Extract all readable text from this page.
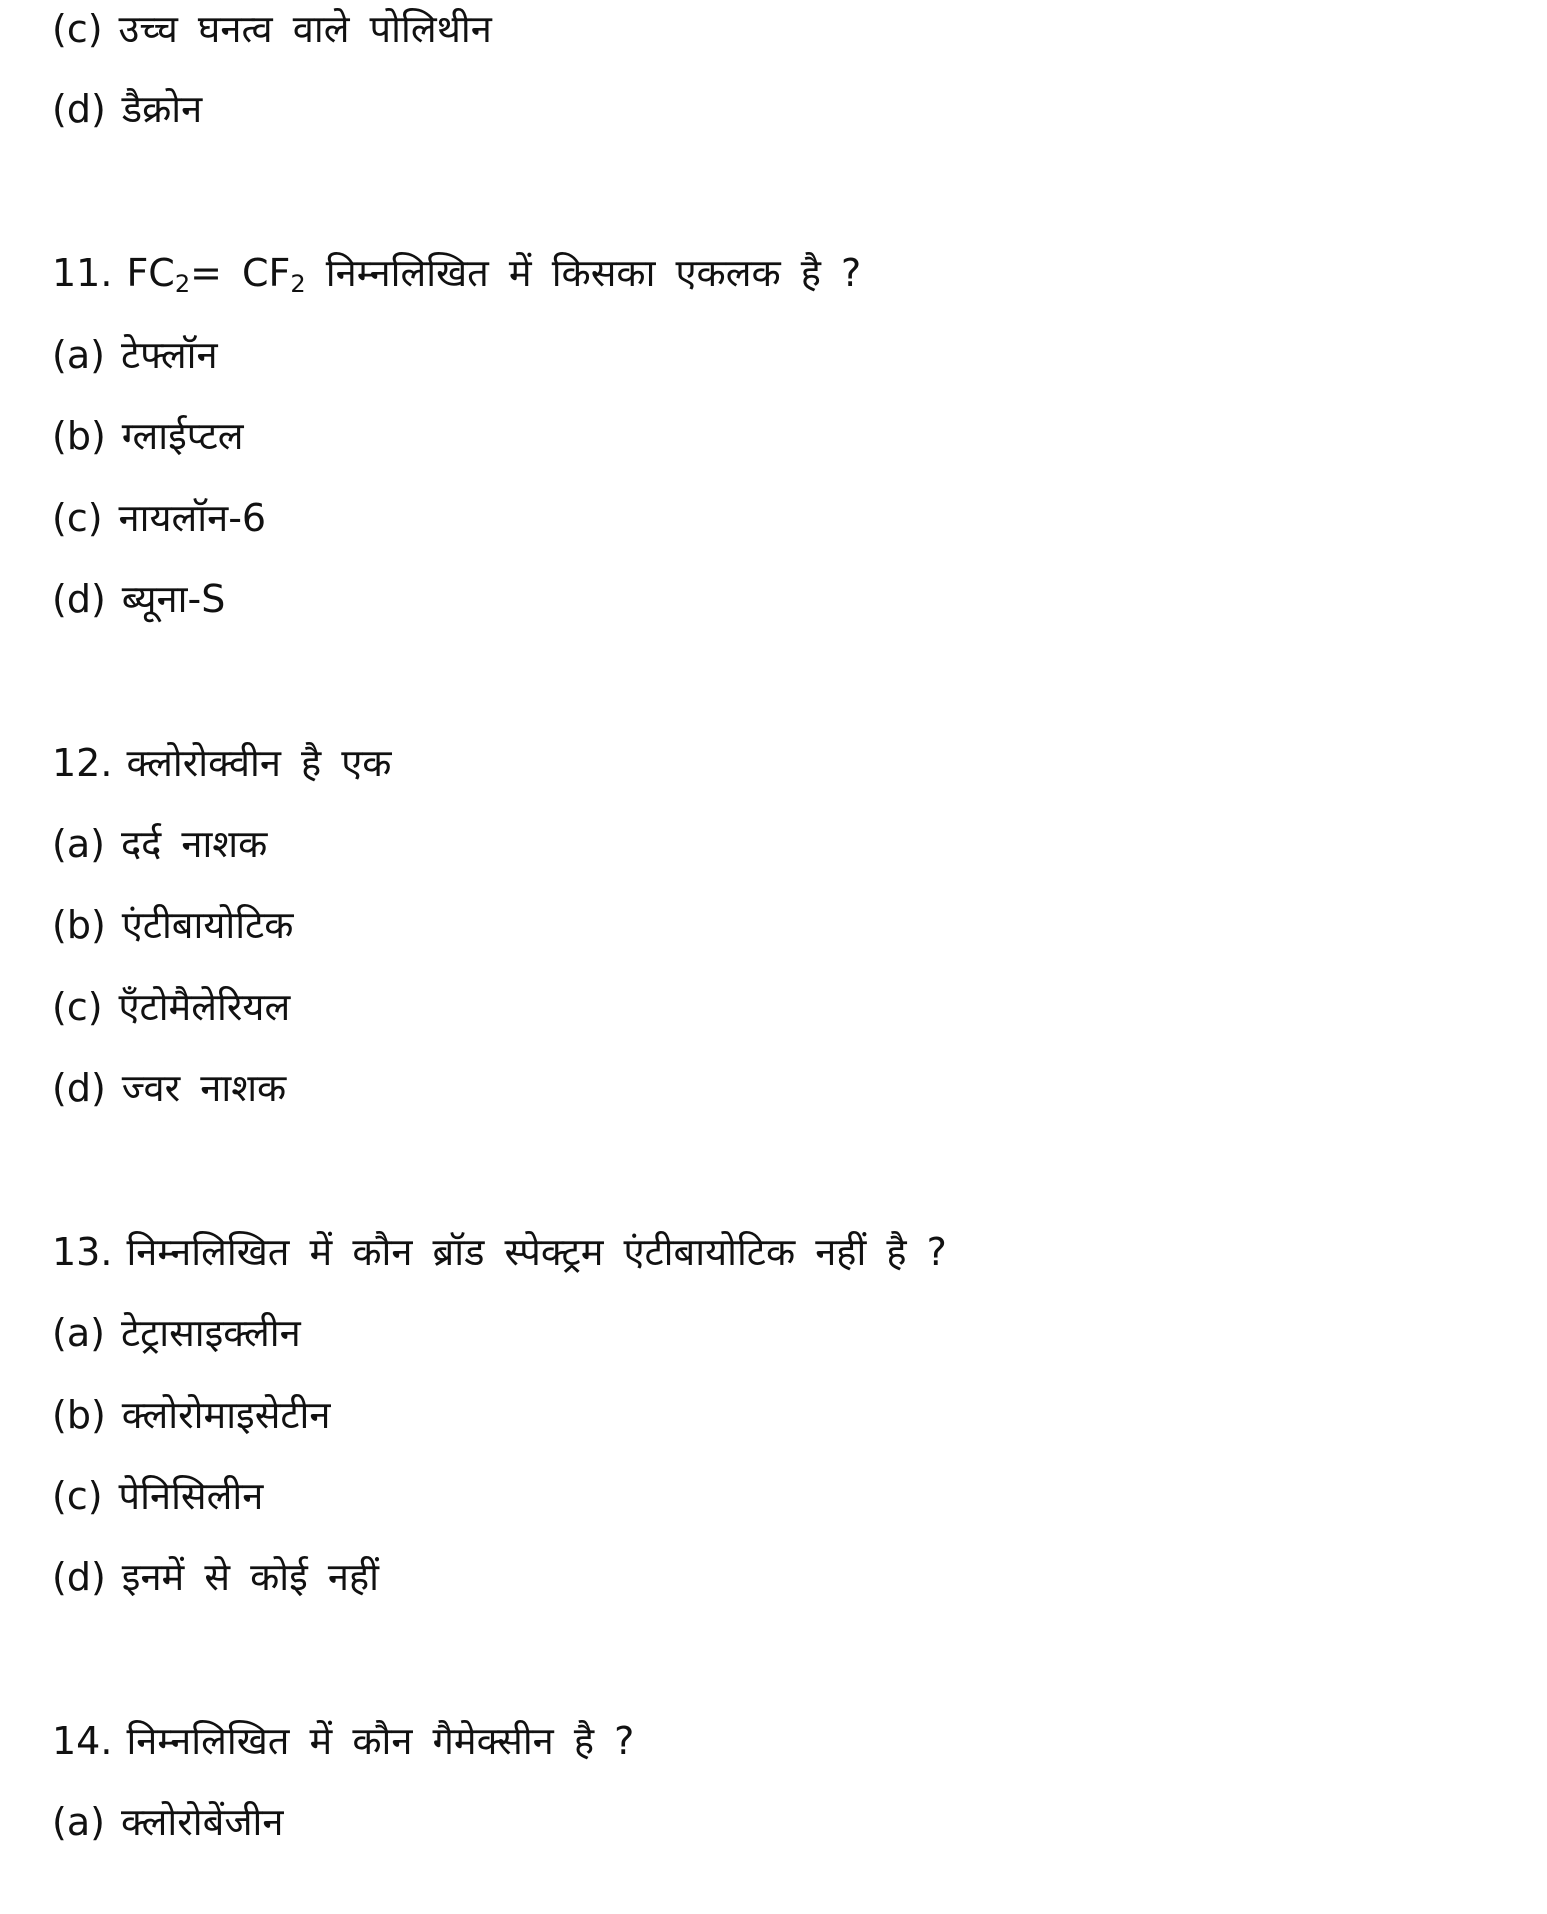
(c) उच्च घनत्व वाले पोलिथीन
(d) डैक्रोन
11. $FC_2= CF_2$ निम्नलिखित में किसका एकलक है ?
(a) टेफ्लॉन
(b) ग्लाईप्टल
(c) नायलॉन-6
(d) ब्यूना-S
12. क्लोरोक्वीन है एक
(a) दर्द नाशक
(b) एंटीबायोटिक
(c) ऍंटोमैलेरियल
(d) ज्वर नाशक
13. निम्नलिखित में कौन ब्रॉड स्पेक्ट्रम एंटीबायोटिक नहीं है ?
(a) टेट्रासाइक्लीन
(b) क्लोरोमाइसेटीन
(c) पेनिसिलीन
(d) इनमें से कोई नहीं
14. निम्नलिखित में कौन गैमेक्सीन है ?
(a) क्लोरोबेंजीन
